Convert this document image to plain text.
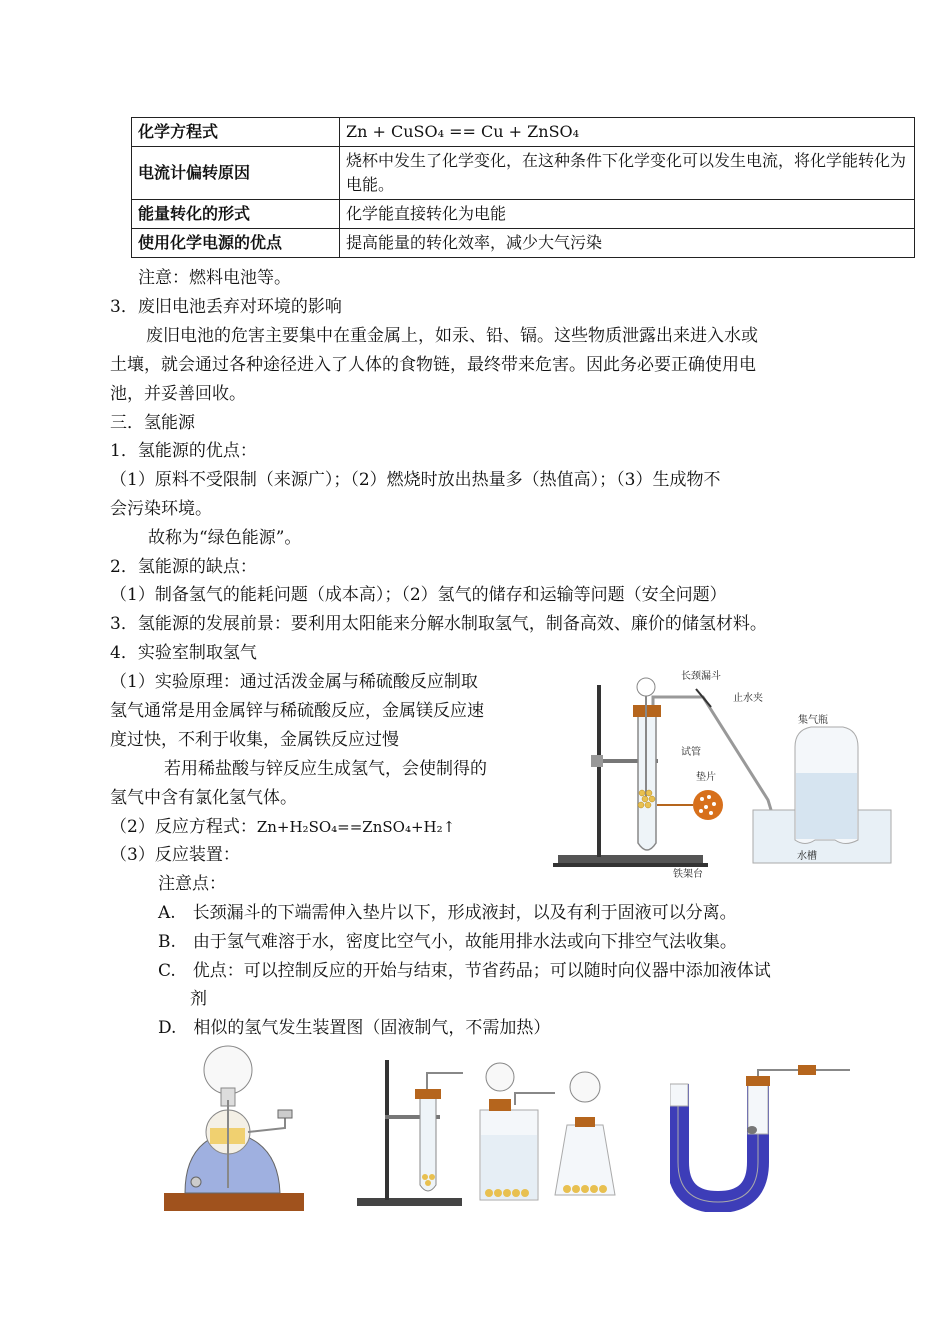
化学方程式	Zn + CuSO₄ == Cu + ZnSO₄
电流计偏转原因	烧杯中发生了化学变化，在这种条件下化学变化可以发生电流，将化学能转化为电能。
能量转化的形式	化学能直接转化为电能
使用化学电源的优点	提高能量的转化效率，减少大气污染
注意：燃料电池等。
3．废旧电池丢弃对环境的影响
废旧电池的危害主要集中在重金属上，如汞、铅、镉。这些物质泄露出来进入水或
土壤，就会通过各种途径进入了人体的食物链，最终带来危害。因此务必要正确使用电
池，并妥善回收。
三．氢能源
1．氢能源的优点：
（1）原料不受限制（来源广）；（2）燃烧时放出热量多（热值高）；（3）生成物不
会污染环境。
故称为“绿色能源”。
2．氢能源的缺点：
（1）制备氢气的能耗问题（成本高）；（2）氢气的储存和运输等问题（安全问题）
3．氢能源的发展前景：要利用太阳能来分解水制取氢气，制备高效、廉价的储氢材料。
4．实验室制取氢气
（1）实验原理：通过活泼金属与稀硫酸反应制取
氢气通常是用金属锌与稀硫酸反应，金属镁反应速
度过快，不利于收集，金属铁反应过慢
若用稀盐酸与锌反应生成氢气，会使制得的
氢气中含有氯化氢气体。
（2）反应方程式：Zn+H₂SO₄==ZnSO₄+H₂↑
（3）反应装置：
注意点：
A.　长颈漏斗的下端需伸入垫片以下，形成液封，以及有利于固液可以分离。
B.　由于氢气难溶于水，密度比空气小，故能用排水法或向下排空气法收集。
C.　优点：可以控制反应的开始与结束，节省药品；可以随时向仪器中添加液体试
剂
D.　相似的氢气发生装置图（固液制气，不需加热）
长颈漏斗
止水夹
集气瓶
试管
垫片
铁架台
水槽
